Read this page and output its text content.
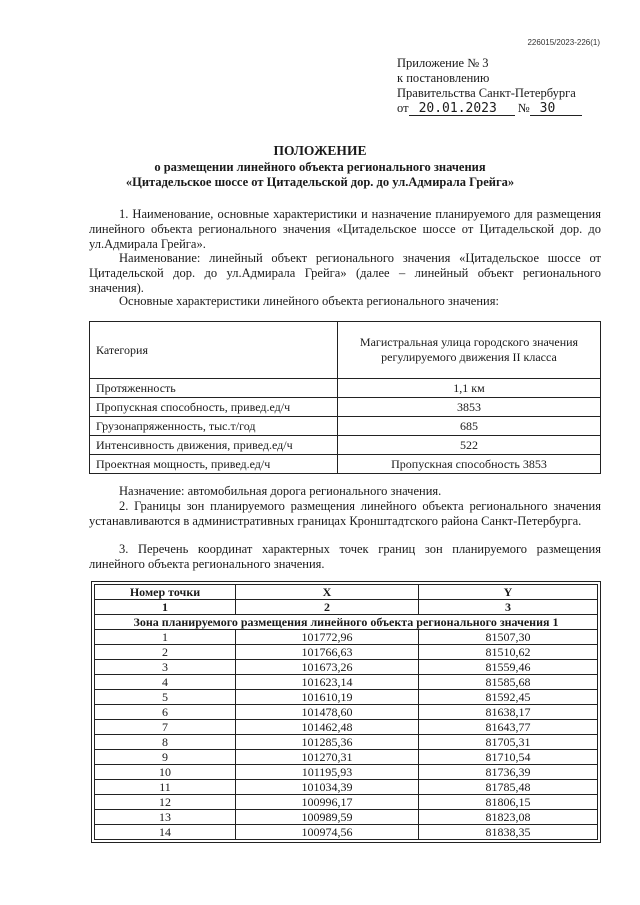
226015/2023-226(1)
Приложение № 3
к постановлению
Правительства Санкт-Петербурга
от 20.01.2023 № 30
ПОЛОЖЕНИЕ
о размещении линейного объекта регионального значения
«Цитадельское шоссе от Цитадельской дор. до ул.Адмирала Грейга»

1. Наименование, основные характеристики и назначение планируемого для размещения линейного объекта регионального значения «Цитадельское шоссе от Цитадельской дор. до ул.Адмирала Грейга».

Наименование: линейный объект регионального значения «Цитадельское шоссе от Цитадельской дор. до ул.Адмирала Грейга» (далее – линейный объект регионального значения).

Основные характеристики линейного объекта регионального значения:

Категория	Магистральная улица городского значения регулируемого движения II класса
Протяженность	1,1 км
Пропускная способность, привед.ед/ч	3853
Грузонапряженность, тыс.т/год	685
Интенсивность движения, привед.ед/ч	522
Проектная мощность, привед.ед/ч	Пропускная способность 3853

Назначение: автомобильная дорога регионального значения.

2. Границы зон планируемого размещения линейного объекта регионального значения устанавливаются в административных границах Кронштадтского района Санкт-Петербурга.

3. Перечень координат характерных точек границ зон планируемого размещения линейного объекта регионального значения.

Номер точки	X	Y
1	2	3
Зона планируемого размещения линейного объекта регионального значения 1		
1	101772,96	81507,30
2	101766,63	81510,62
3	101673,26	81559,46
4	101623,14	81585,68
5	101610,19	81592,45
6	101478,60	81638,17
7	101462,48	81643,77
8	101285,36	81705,31
9	101270,31	81710,54
10	101195,93	81736,39
11	101034,39	81785,48
12	100996,17	81806,15
13	100989,59	81823,08
14	100974,56	81838,35
